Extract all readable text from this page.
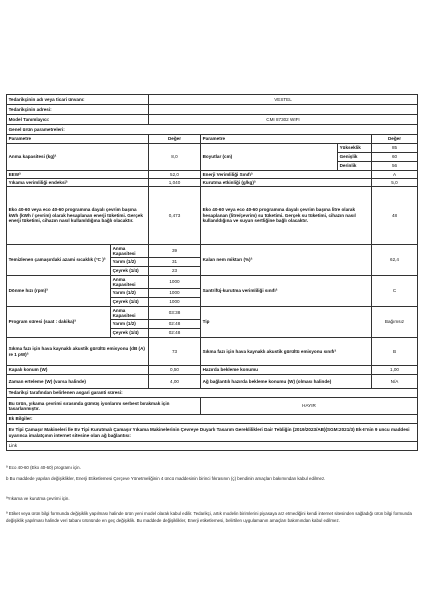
Tedarikçinin adı veya ticari ünvanı:		VESTEL			
Tedarikçinin adresi:					
Model Tanımlayıcı:		CMI 87302 WIFI			
Genel ürün parametreleri:					
Parametre		Değer	Parametre		Değer
Anma kapasitesi (kg)ª		8,0	Boyutlar (cm)	Yükseklik	85
				Genişlik	60
				Derinlik	56
EEWª		52,0	Enerji Verimliliği Sınıfıª		A
Yıkama verimliliği endeksiª		1,040	Kurutma etkinliği (g/kg)ª		5,0
Eko 40-60 veya eco 40-60 programına dayalı çevrim başına kWh (kWh / çevrim) olarak hesaplanan enerji tüketimi. Gerçek enerji tüketimi, cihazın nasıl kullanıldığına bağlı olacaktır.		0,473	Eko 40-60 veya eco 40-60 programına dayalı çevrim başına litre olarak hesaplanan (litre/çevrim) su tüketimi. Gerçek su tüketimi, cihazın nasıl kullanıldığına ve suyun sertliğine bağlı olacaktır.		48
Temizlenen çamaşırdaki azami sıcaklık (°C )ª	Anma Kapasitesi	39	Kalan nem miktarı (%)ª		62,4
	Yarım (1/2)	31			
	Çeyrek (1/4)	23			
Dönme hızı (rpm)ª	Anma Kapasitesi	1000	Santrifüj-kurutma verimliliği sınıfıª		C
	Yarım (1/2)	1000			
	Çeyrek (1/4)	1000			
Program süresi (saat : dakika)ª	Anma Kapasitesi	03:38	Tip		Bağımsız
	Yarım (1/2)	02:48			
	Çeyrek (1/4)	02:48			
Sıkma fazı için hava kaynaklı akustik gürültü emisyonu (dB (A) re 1 pW)ª		73	Sıkma fazı için hava kaynaklı akustik gürültü emisyonu sınıfıª		B
Kapalı konum (W)		0,50	Hazırda bekleme konumu		1,00
Zaman erteleme (W) (varsa halinde)		4,00	Ağ bağlantılı hazırda bekleme konumu (W) (olması halinde)		N/A
Tedarikçi tarafından belirlenen asgari garanti süresi:					
Bu ürün, yıkama çevrimi sırasında gümüş iyonlarını serbest bırakmak için tasarlanmıştır.			HAYIR		
Ek Bilgiler:					
Ev Tipi Çamaşır Makineleri İle Ev Tipi Kurutmalı Çamaşır Yıkama Makinelerinin Çevreye Duyarlı Tasarım Gereklilikleri Dair Tebliğin (2019/2023/AB)(SGM:2021/3) Ek-II'nin 9 uncu maddesi uyarınca imalatçının internet sitesine olan ağ bağlantısı:					
Link					
ª Eco 40-60 (Eko 40-60) programı için.
b Bu maddede yapılan değişiklikler, Enerji Etiketlemesi Çerçeve Yönetmeliğinin 4 üncü maddesinin birinci fıkrasının (ç) bendinin amaçları bakımından kabul edilmez.
ªYıkama ve kurutma çevrimi için.
ª Etiket veya ürün bilgi formunda değişiklik yapılması halinde ürün yeni model olarak kabul edilir. Tedarikçi, artık modelin birimlerini piyasaya arz etmediğini kendi internet sitesinden sağladığı ürün bilgi formunda değişiklik yapılması halinde veri tabanı ürününde en geç değişiklik. Bu maddede değişiklikler, Enerji etiketlemesi, belirtilen uygulamanın amaçları bakımından kabul edilmez.
